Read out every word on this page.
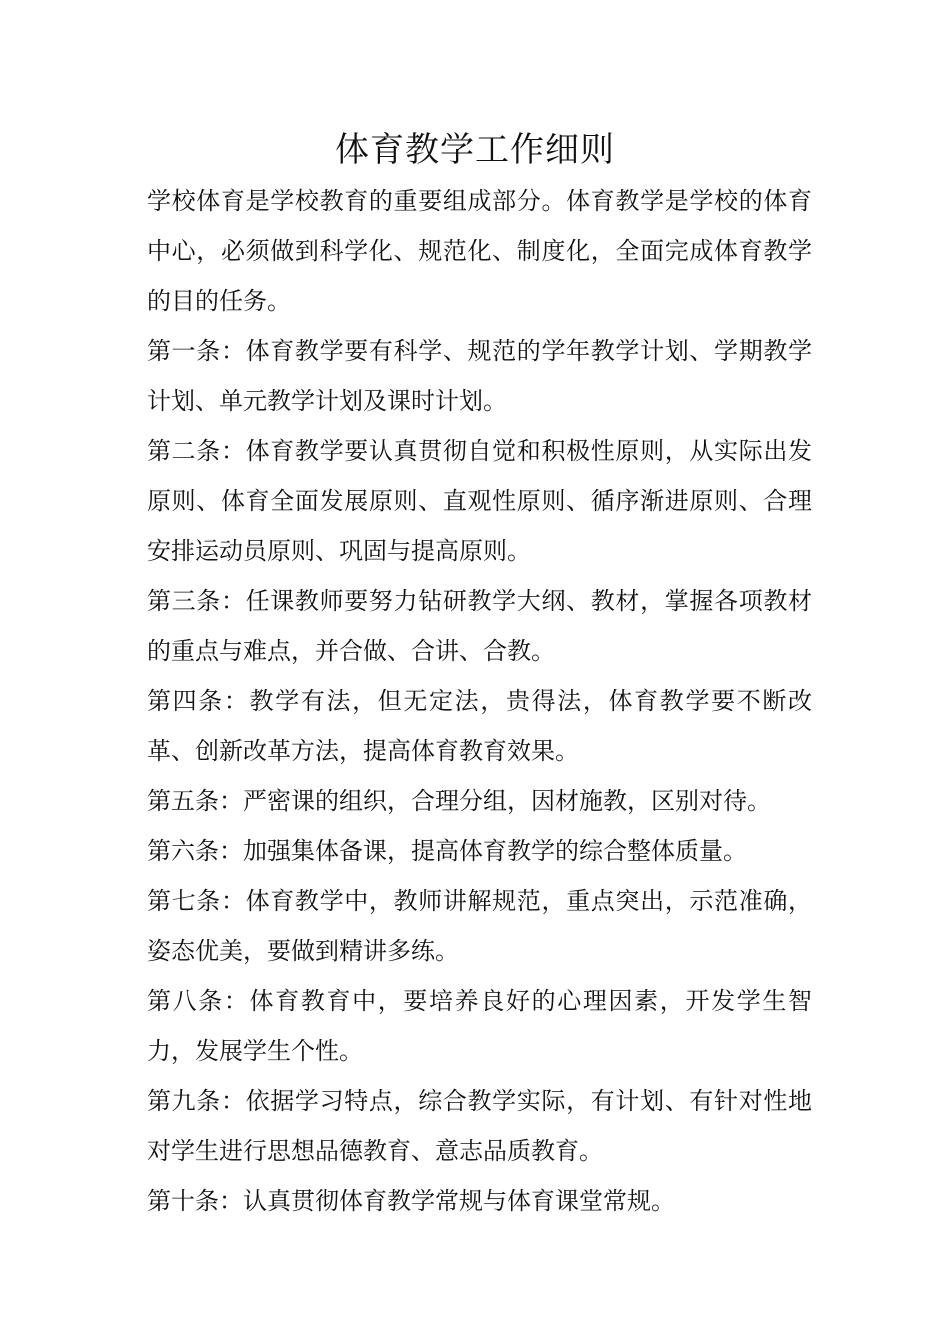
体育教学工作细则

学校体育是学校教育的重要组成部分。体育教学是学校的体育中心，必须做到科学化、规范化、制度化，全面完成体育教学的目的任务。

第一条：体育教学要有科学、规范的学年教学计划、学期教学计划、单元教学计划及课时计划。

第二条：体育教学要认真贯彻自觉和积极性原则，从实际出发原则、体育全面发展原则、直观性原则、循序渐进原则、合理安排运动员原则、巩固与提高原则。

第三条：任课教师要努力钻研教学大纲、教材，掌握各项教材的重点与难点，并合做、合讲、合教。

第四条：教学有法，但无定法，贵得法，体育教学要不断改革、创新改革方法，提高体育教育效果。

第五条：严密课的组织，合理分组，因材施教，区别对待。

第六条：加强集体备课，提高体育教学的综合整体质量。

第七条：体育教学中，教师讲解规范，重点突出，示范准确，姿态优美，要做到精讲多练。

第八条：体育教育中，要培养良好的心理因素，开发学生智力，发展学生个性。

第九条：依据学习特点，综合教学实际，有计划、有针对性地对学生进行思想品德教育、意志品质教育。

第十条：认真贯彻体育教学常规与体育课堂常规。
